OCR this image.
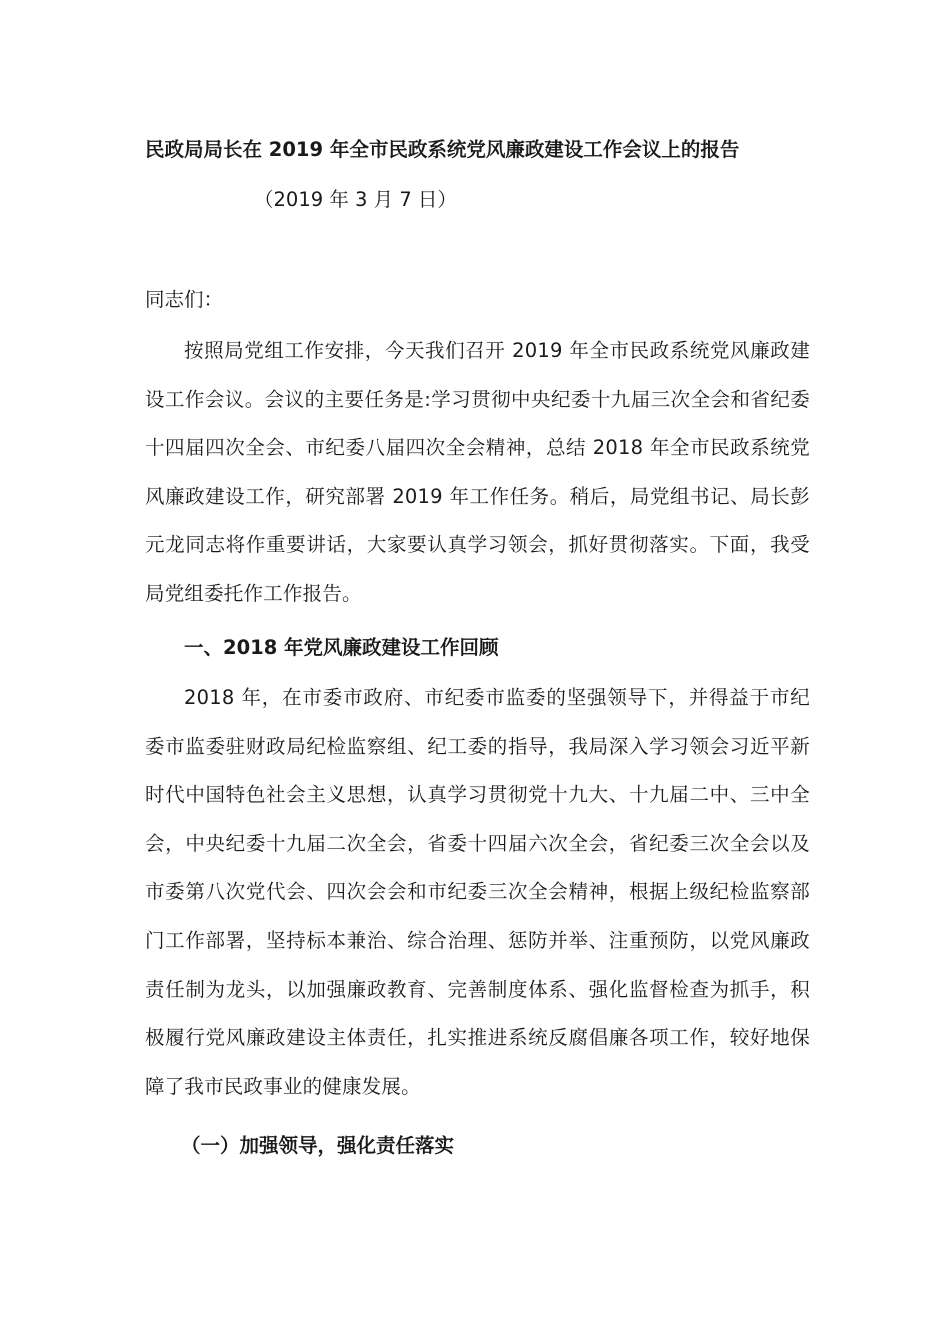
民政局局长在 2019 年全市民政系统党风廉政建设工作会议上的报告
（2019 年 3 月 7 日）
同志们：

按照局党组工作安排，今天我们召开 2019 年全市民政系统党风廉政建设工作会议。会议的主要任务是:学习贯彻中央纪委十九届三次全会和省纪委十四届四次全会、市纪委八届四次全会精神，总结 2018 年全市民政系统党风廉政建设工作，研究部署 2019 年工作任务。稍后，局党组书记、局长彭元龙同志将作重要讲话，大家要认真学习领会，抓好贯彻落实。下面，我受局党组委托作工作报告。

一、2018 年党风廉政建设工作回顾

2018 年，在市委市政府、市纪委市监委的坚强领导下，并得益于市纪委市监委驻财政局纪检监察组、纪工委的指导，我局深入学习领会习近平新时代中国特色社会主义思想，认真学习贯彻党十九大、十九届二中、三中全会，中央纪委十九届二次全会，省委十四届六次全会，省纪委三次全会以及市委第八次党代会、四次会会和市纪委三次全会精神，根据上级纪检监察部门工作部署，坚持标本兼治、综合治理、惩防并举、注重预防，以党风廉政责任制为龙头，以加强廉政教育、完善制度体系、强化监督检查为抓手，积极履行党风廉政建设主体责任，扎实推进系统反腐倡廉各项工作，较好地保障了我市民政事业的健康发展。

（一）加强领导，强化责任落实
